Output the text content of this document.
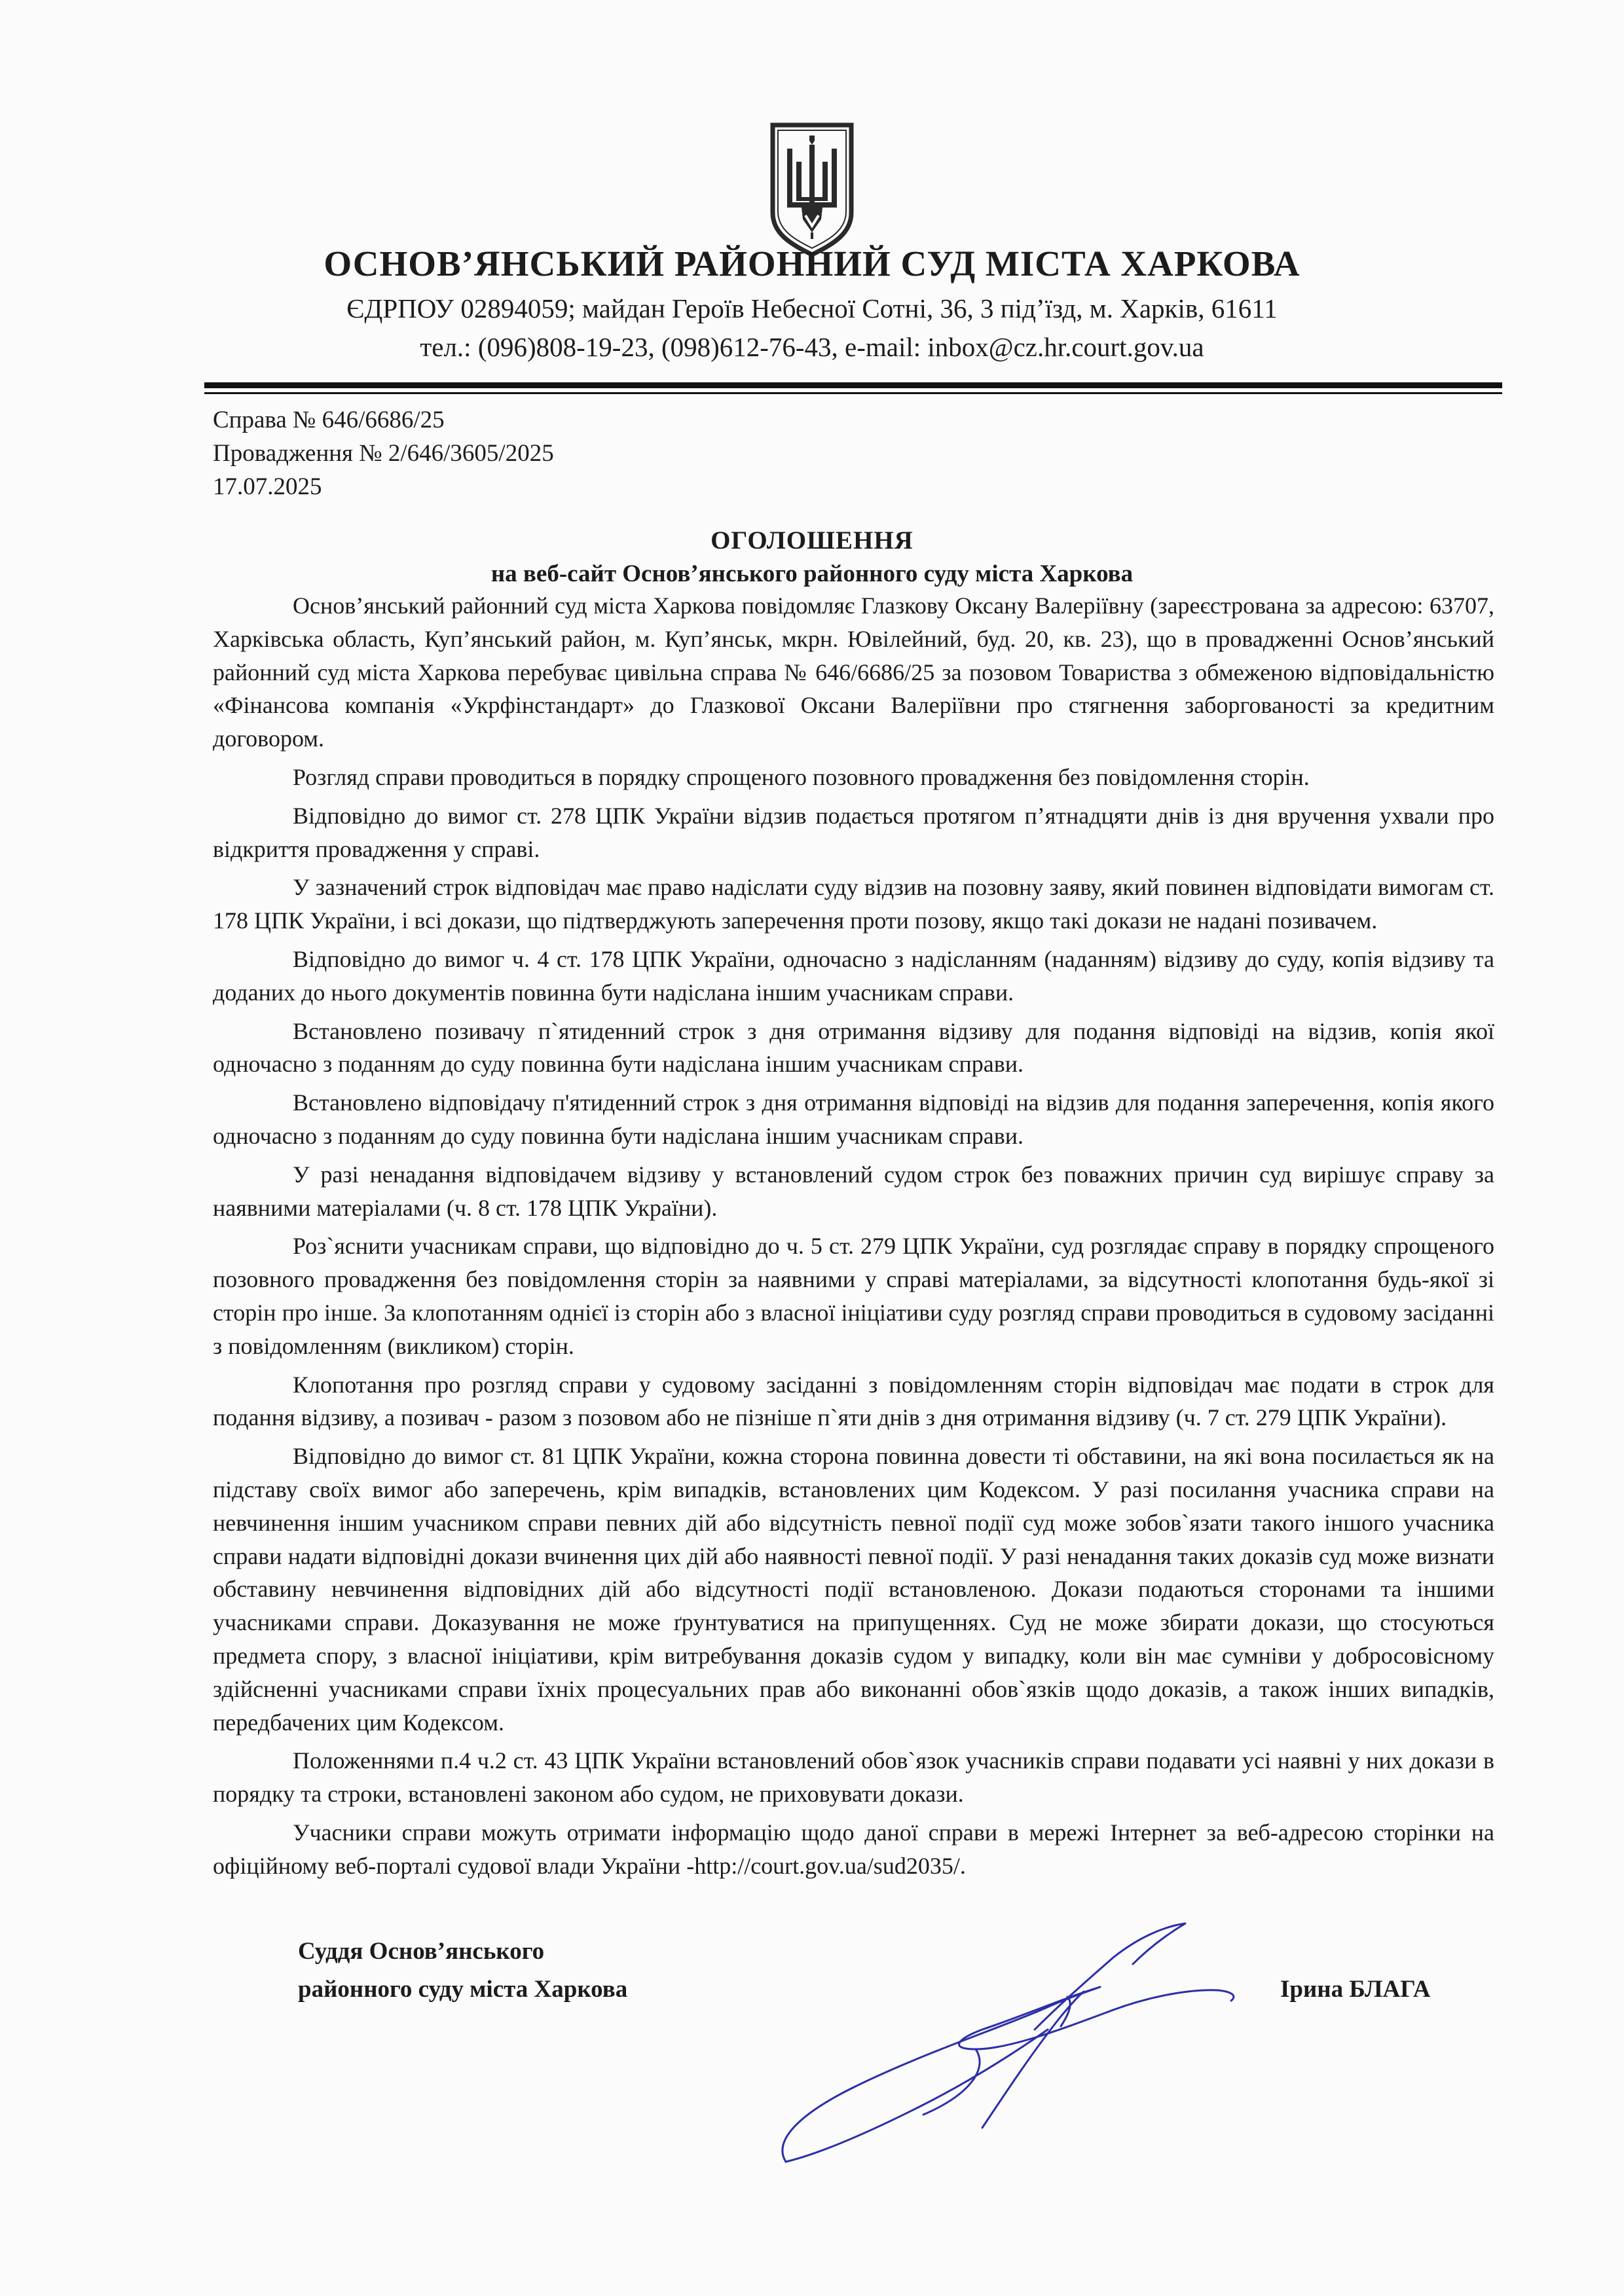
ОСНОВ’ЯНСЬКИЙ РАЙОННИЙ СУД МІСТА ХАРКОВА
ЄДРПОУ 02894059; майдан Героїв Небесної Сотні, 36, 3 під’їзд, м. Харків, 61611
тел.: (096)808-19-23, (098)612-76-43, e-mail: inbox@cz.hr.court.gov.ua
Справа № 646/6686/25
Провадження № 2/646/3605/2025
17.07.2025
ОГОЛОШЕННЯ
на веб-сайт Основ’янського районного суду міста Харкова

Основ’янський районний суд міста Харкова повідомляє Глазкову Оксану Валеріївну (зареєстрована за адресою: 63707, Харківська область, Куп’янський район, м. Куп’янськ, мкрн. Ювілейний, буд. 20, кв. 23), що в провадженні Основ’янський районний суд міста Харкова перебуває цивільна справа № 646/6686/25 за позовом Товариства з обмеженою відповідальністю «Фінансова компанія «Укрфінстандарт» до Глазкової Оксани Валеріївни про стягнення заборгованості за кредитним договором.

Розгляд справи проводиться в порядку спрощеного позовного провадження без повідомлення сторін.

Відповідно до вимог ст. 278 ЦПК України відзив подається протягом п’ятнадцяти днів із дня вручення ухвали про відкриття провадження у справі.

У зазначений строк відповідач має право надіслати суду відзив на позовну заяву, який повинен відповідати вимогам ст. 178 ЦПК України, і всі докази, що підтверджують заперечення проти позову, якщо такі докази не надані позивачем.

Відповідно до вимог ч. 4 ст. 178 ЦПК України, одночасно з надісланням (наданням) відзиву до суду, копія відзиву та доданих до нього документів повинна бути надіслана іншим учасникам справи.

Встановлено позивачу п`ятиденний строк з дня отримання відзиву для подання відповіді на відзив, копія якої одночасно з поданням до суду повинна бути надіслана іншим учасникам справи.

Встановлено відповідачу п'ятиденний строк з дня отримання відповіді на відзив для подання заперечення, копія якого одночасно з поданням до суду повинна бути надіслана іншим учасникам справи.

У разі ненадання відповідачем відзиву у встановлений судом строк без поважних причин суд вирішує справу за наявними матеріалами (ч. 8 ст. 178 ЦПК України).

Роз`яснити учасникам справи, що відповідно до ч. 5 ст. 279 ЦПК України, суд розглядає справу в порядку спрощеного позовного провадження без повідомлення сторін за наявними у справі матеріалами, за відсутності клопотання будь-якої зі сторін про інше. За клопотанням однієї із сторін або з власної ініціативи суду розгляд справи проводиться в судовому засіданні з повідомленням (викликом) сторін.

Клопотання про розгляд справи у судовому засіданні з повідомленням сторін відповідач має подати в строк для подання відзиву, а позивач - разом з позовом або не пізніше п`яти днів з дня отримання відзиву (ч. 7 ст. 279 ЦПК України).

Відповідно до вимог ст. 81 ЦПК України, кожна сторона повинна довести ті обставини, на які вона посилається як на підставу своїх вимог або заперечень, крім випадків, встановлених цим Кодексом. У разі посилання учасника справи на невчинення іншим учасником справи певних дій або відсутність певної події суд може зобов`язати такого іншого учасника справи надати відповідні докази вчинення цих дій або наявності певної події. У разі ненадання таких доказів суд може визнати обставину невчинення відповідних дій або відсутності події встановленою. Докази подаються сторонами та іншими учасниками справи. Доказування не може ґрунтуватися на припущеннях. Суд не може збирати докази, що стосуються предмета спору, з власної ініціативи, крім витребування доказів судом у випадку, коли він має сумніви у добросовісному здійсненні учасниками справи їхніх процесуальних прав або виконанні обов`язків щодо доказів, а також інших випадків, передбачених цим Кодексом.

Положеннями п.4 ч.2 ст. 43 ЦПК України встановлений обов`язок учасників справи подавати усі наявні у них докази в порядку та строки, встановлені законом або судом, не приховувати докази.

Учасники справи можуть отримати інформацію щодо даної справи в мережі Інтернет за веб-адресою сторінки на офіційному веб-порталі судової влади України -http://court.gov.ua/sud2035/.

Суддя Основ’янського
районного суду міста Харкова	Ірина БЛАГА
